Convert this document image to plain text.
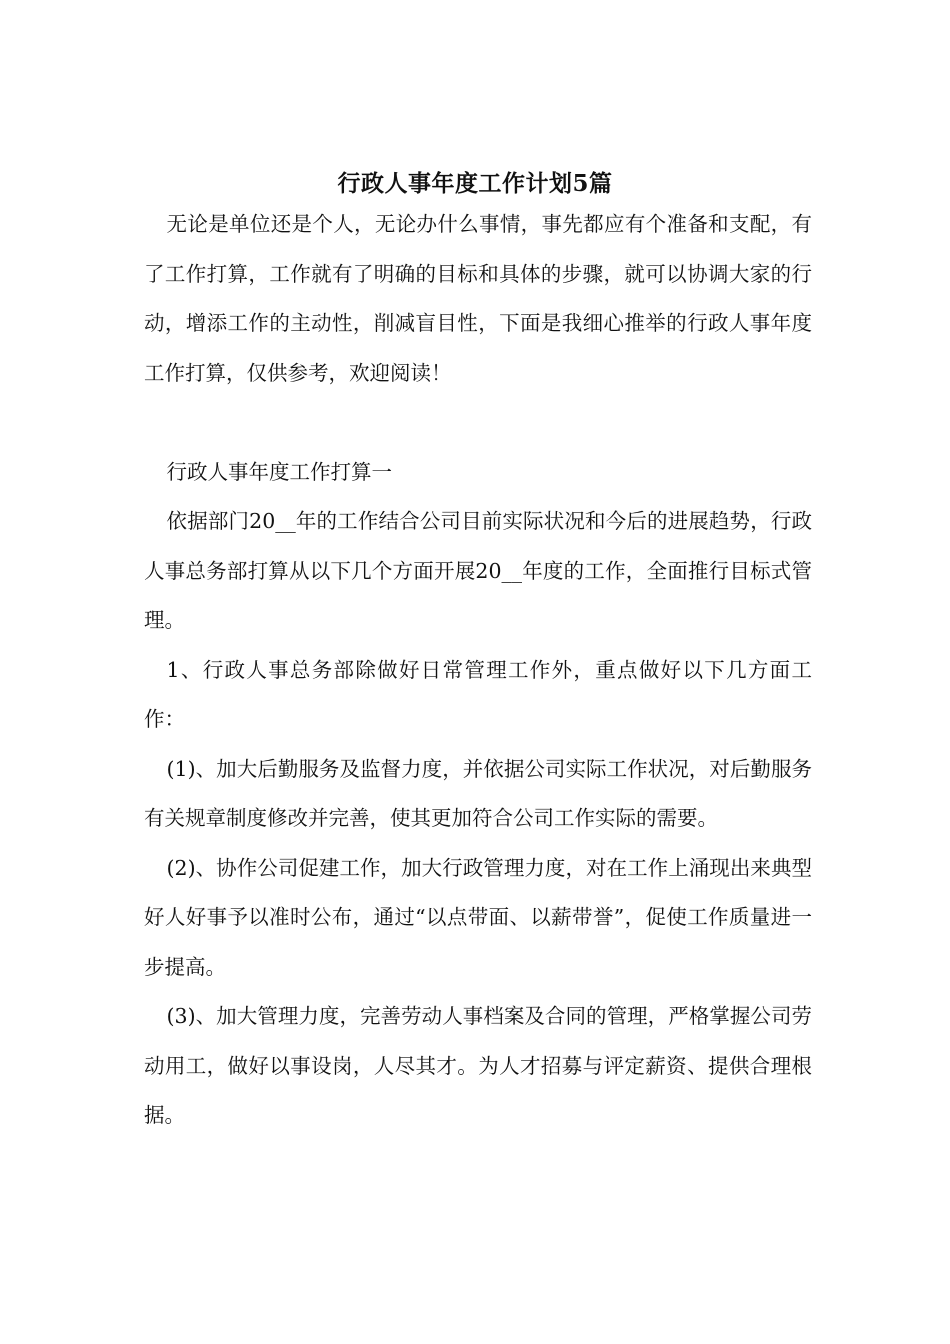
行政人事年度工作计划5篇

无论是单位还是个人，无论办什么事情，事先都应有个准备和支配，有了工作打算，工作就有了明确的目标和具体的步骤，就可以协调大家的行动，增添工作的主动性，削减盲目性，下面是我细心推举的行政人事年度工作打算，仅供参考，欢迎阅读！

行政人事年度工作打算一

依据部门20__年的工作结合公司目前实际状况和今后的进展趋势，行政人事总务部打算从以下几个方面开展20__年度的工作，全面推行目标式管理。

1、行政人事总务部除做好日常管理工作外，重点做好以下几方面工作：

(1)、加大后勤服务及监督力度，并依据公司实际工作状况，对后勤服务有关规章制度修改并完善，使其更加符合公司工作实际的需要。

(2)、协作公司促建工作，加大行政管理力度，对在工作上涌现出来典型好人好事予以准时公布，通过“以点带面、以薪带誉”，促使工作质量进一步提高。

(3)、加大管理力度，完善劳动人事档案及合同的管理，严格掌握公司劳动用工，做好以事设岗，人尽其才。为人才招募与评定薪资、提供合理根据。
